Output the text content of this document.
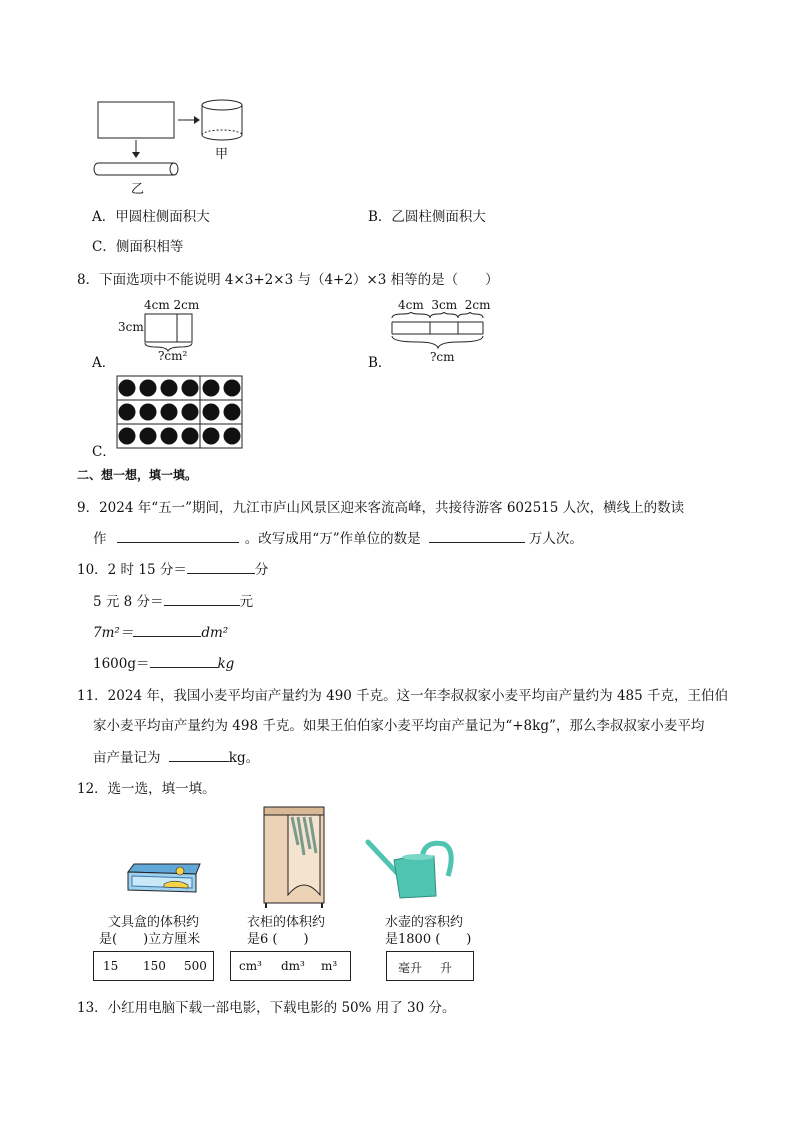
甲
乙
A．甲圆柱侧面积大	B．乙圆柱侧面积大
C．侧面积相等
8．下面选项中不能说明 4×3+2×3 与（4+2）×3 相等的是（　　）
4cm 2cm
3cm
?cm²
A．
4cm  3cm  2cm
?cm
B．
C．
二、想一想，填一填。
9．2024 年“五一”期间，九江市庐山风景区迎来客流高峰，共接待游客 602515 人次，横线上的数读
作	。改写成用“万”作单位的数是	万人次。
10．2 时 15 分＝	分
5 元 8 分＝	元
7m²＝	dm²
1600g＝	kg
11．2024 年，我国小麦平均亩产量约为 490 千克。这一年李叔叔家小麦平均亩产量约为 485 千克，王伯伯
家小麦平均亩产量约为 498 千克。如果王伯伯家小麦平均亩产量记为“+8kg”，那么李叔叔家小麦平均
亩产量记为	kg。
12．选一选，填一填。
文具盒的体积约
是(　　)立方厘米
15 150 500
衣柜的体积约
是6 (　　)
cm³ dm³ m³
水壶的容积约
是1800 (　　)
毫升 升
13．小红用电脑下载一部电影，下载电影的 50% 用了 30 分。
